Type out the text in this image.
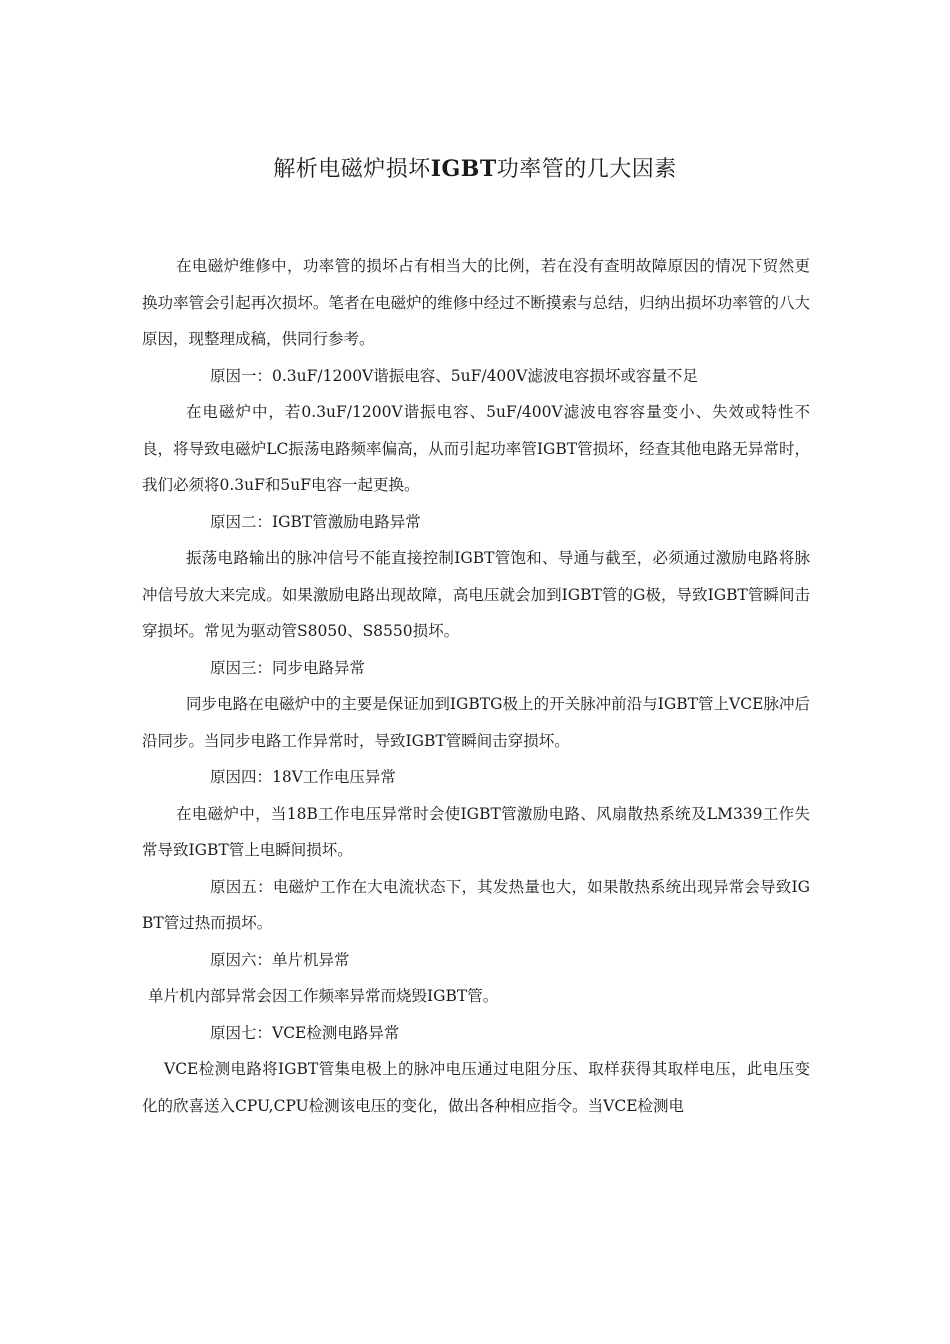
解析电磁炉损坏IGBT功率管的几大因素

在电磁炉维修中，功率管的损坏占有相当大的比例，若在没有查明故障原因的情况下贸然更换功率管会引起再次损坏。笔者在电磁炉的维修中经过不断摸索与总结，归纳出损坏功率管的八大原因，现整理成稿，供同行参考。

原因一：0.3uF/1200V谐振电容、5uF/400V滤波电容损坏或容量不足

在电磁炉中，若0.3uF/1200V谐振电容、5uF/400V滤波电容容量变小、失效或特性不良，将导致电磁炉LC振荡电路频率偏高，从而引起功率管IGBT管损坏，经查其他电路无异常时，我们必须将0.3uF和5uF电容一起更换。

原因二：IGBT管激励电路异常

振荡电路输出的脉冲信号不能直接控制IGBT管饱和、导通与截至，必须通过激励电路将脉冲信号放大来完成。如果激励电路出现故障，高电压就会加到IGBT管的G极，导致IGBT管瞬间击穿损坏。常见为驱动管S8050、S8550损坏。

原因三：同步电路异常

同步电路在电磁炉中的主要是保证加到IGBTG极上的开关脉冲前沿与IGBT管上VCE脉冲后沿同步。当同步电路工作异常时，导致IGBT管瞬间击穿损坏。

原因四：18V工作电压异常

在电磁炉中，当18B工作电压异常时会使IGBT管激励电路、风扇散热系统及LM339工作失常导致IGBT管上电瞬间损坏。

原因五：电磁炉工作在大电流状态下，其发热量也大，如果散热系统出现异常会导致IGBT管过热而损坏。

原因六：单片机异常

单片机内部异常会因工作频率异常而烧毁IGBT管。

原因七：VCE检测电路异常

VCE检测电路将IGBT管集电极上的脉冲电压通过电阻分压、取样获得其取样电压，此电压变化的欣喜送入CPU,CPU检测该电压的变化，做出各种相应指令。当VCE检测电
